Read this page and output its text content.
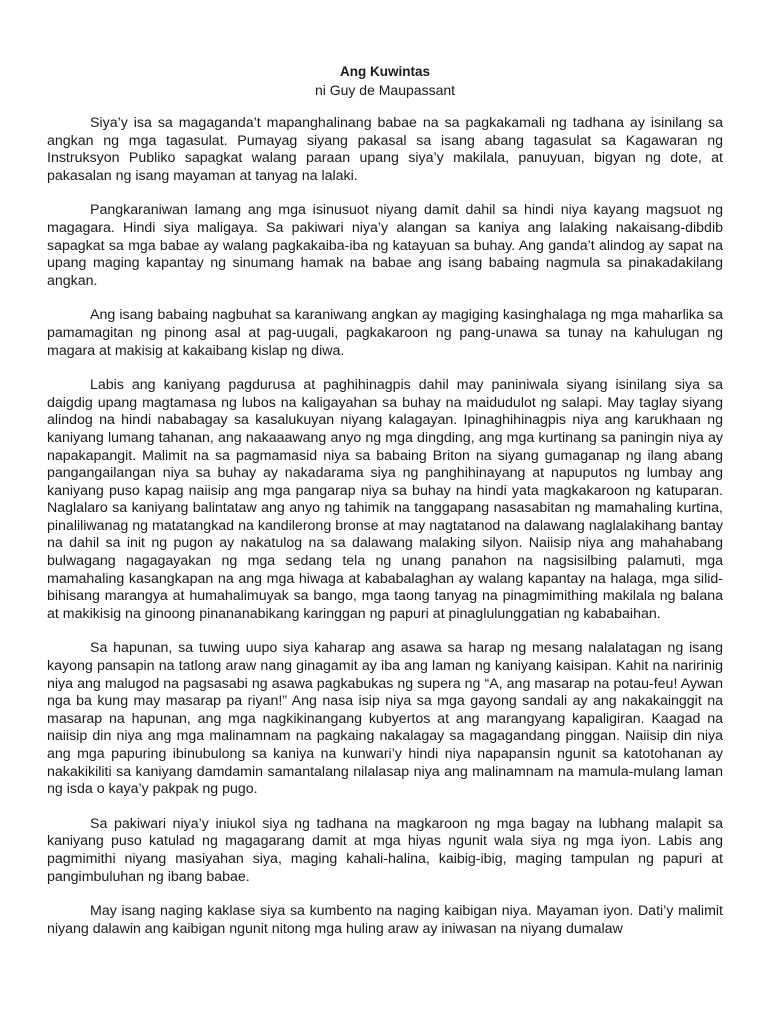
Ang Kuwintas

ni Guy de Maupassant

Siya’y isa sa magaganda’t mapanghalinang babae na sa pagkakamali ng tadhana ay isinilang sa angkan ng mga tagasulat. Pumayag siyang pakasal sa isang abang tagasulat sa Kagawaran ng Instruksyon Publiko sapagkat walang paraan upang siya’y makilala, panuyuan, bigyan ng dote, at pakasalan ng isang mayaman at tanyag na lalaki.

Pangkaraniwan lamang ang mga isinusuot niyang damit dahil sa hindi niya kayang magsuot ng magagara. Hindi siya maligaya. Sa pakiwari niya’y alangan sa kaniya ang lalaking nakaisang-dibdib sapagkat sa mga babae ay walang pagkakaiba-iba ng katayuan sa buhay. Ang ganda’t alindog ay sapat na upang maging kapantay ng sinumang hamak na babae ang isang babaing nagmula sa pinakadakilang angkan.

Ang isang babaing nagbuhat sa karaniwang angkan ay magiging kasinghalaga ng mga maharlika sa pamamagitan ng pinong asal at pag-uugali, pagkakaroon ng pang-unawa sa tunay na kahulugan ng magara at makisig at kakaibang kislap ng diwa.

Labis ang kaniyang pagdurusa at paghihinagpis dahil may paniniwala siyang isinilang siya sa daigdig upang magtamasa ng lubos na kaligayahan sa buhay na maidudulot ng salapi. May taglay siyang alindog na hindi nababagay sa kasalukuyan niyang kalagayan. Ipinaghihinagpis niya ang karukhaan ng kaniyang lumang tahanan, ang nakaaawang anyo ng mga dingding, ang mga kurtinang sa paningin niya ay napakapangit. Malimit na sa pagmamasid niya sa babaing Briton na siyang gumaganap ng ilang abang pangangailangan niya sa buhay ay nakadarama siya ng panghihinayang at napuputos ng lumbay ang kaniyang puso kapag naiisip ang mga pangarap niya sa buhay na hindi yata magkakaroon ng katuparan. Naglalaro sa kaniyang balintataw ang anyo ng tahimik na tanggapang nasasabitan ng mamahaling kurtina, pinaliliwanag ng matatangkad na kandilerong bronse at may nagtatanod na dalawang naglalakihang bantay na dahil sa init ng pugon ay nakatulog na sa dalawang malaking silyon. Naiisip niya ang mahahabang bulwagang nagagayakan ng mga sedang tela ng unang panahon na nagsisilbing palamuti, mga mamahaling kasangkapan na ang mga hiwaga at kababalaghan ay walang kapantay na halaga, mga silid-bihisang marangya at humahalimuyak sa bango, mga taong tanyag na pinagmimithing makilala ng balana at makikisig na ginoong pinananabikang karinggan ng papuri at pinaglulunggatian ng kababaihan.

Sa hapunan, sa tuwing uupo siya kaharap ang asawa sa harap ng mesang nalalatagan ng isang kayong pansapin na tatlong araw nang ginagamit ay iba ang laman ng kaniyang kaisipan. Kahit na naririnig niya ang malugod na pagsasabi ng asawa pagkabukas ng supera ng “A, ang masarap na potau-feu! Aywan nga ba kung may masarap pa riyan!” Ang nasa isip niya sa mga gayong sandali ay ang nakakainggit na masarap na hapunan, ang mga nagkikinangang kubyertos at ang marangyang kapaligiran. Kaagad na naiisip din niya ang mga malinamnam na pagkaing nakalagay sa magagandang pinggan. Naiisip din niya ang mga papuring ibinubulong sa kaniya na kunwari’y hindi niya napapansin ngunit sa katotohanan ay nakakikiliti sa kaniyang damdamin samantalang nilalasap niya ang malinamnam na mamula-mulang laman ng isda o kaya’y pakpak ng pugo.

Sa pakiwari niya’y iniukol siya ng tadhana na magkaroon ng mga bagay na lubhang malapit sa kaniyang puso katulad ng magagarang damit at mga hiyas ngunit wala siya ng mga iyon. Labis ang pagmimithi niyang masiyahan siya, maging kahali-halina, kaibig-ibig, maging tampulan ng papuri at pangimbuluhan ng ibang babae.

May isang naging kaklase siya sa kumbento na naging kaibigan niya. Mayaman iyon. Dati’y malimit niyang dalawin ang kaibigan ngunit nitong mga huling araw ay iniwasan na niyang dumalaw
